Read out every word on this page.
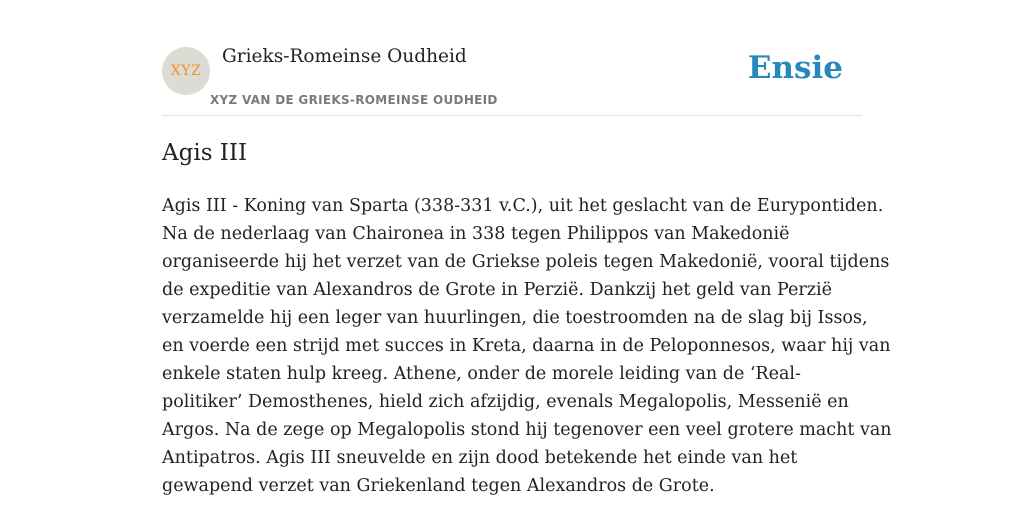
XYZ
Grieks-Romeinse Oudheid
XYZ VAN DE GRIEKS-ROMEINSE OUDHEID
Ensie
Agis III

Agis III - Koning van Sparta (338-331 v.C.), uit het geslacht van de Eurypontiden.
Na de nederlaag van Chaironea in 338 tegen Philippos van Makedonië
organiseerde hij het verzet van de Griekse poleis tegen Makedonië, vooral tijdens
de expeditie van Alexandros de Grote in Perzië. Dankzij het geld van Perzië
verzamelde hij een leger van huurlingen, die toestroomden na de slag bij Issos,
en voerde een strijd met succes in Kreta, daarna in de Peloponnesos, waar hij van
enkele staten hulp kreeg. Athene, onder de morele leiding van de ‘Real-
politiker’ Demosthenes, hield zich afzijdig, evenals Megalopolis, Messenië en
Argos. Na de zege op Megalopolis stond hij tegenover een veel grotere macht van
Antipatros. Agis III sneuvelde en zijn dood betekende het einde van het
gewapend verzet van Griekenland tegen Alexandros de Grote.
